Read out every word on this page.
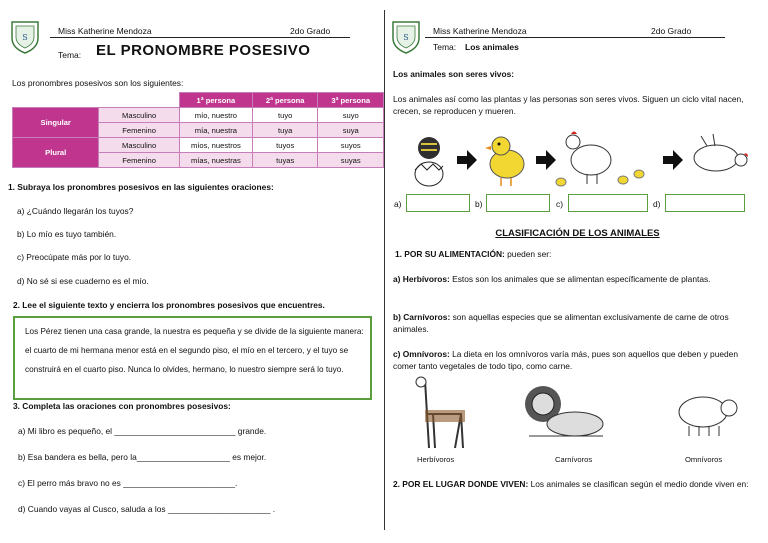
S
Miss Katherine Mendoza	2do Grado
Tema: EL PRONOMBRE POSESIVO
Los pronombres posesivos son los siguientes:
		1ª persona	2ª persona	3ª persona
Singular	Masculino	mío, nuestro	tuyo	suyo
	Femenino	mía, nuestra	tuya	suya
Plural	Masculino	míos, nuestros	tuyos	suyos
	Femenino	mías, nuestras	tuyas	suyas
1. Subraya los pronombres posesivos en las siguientes oraciones:
a) ¿Cuándo llegarán los tuyos?
b) Lo mío es tuyo también.
c) Preocúpate más por lo tuyo.
d) No sé si ese cuaderno es el mío.
2. Lee el siguiente texto y encierra los pronombres posesivos que encuentres.
Los Pérez tienen una casa grande, la nuestra es pequeña y se divide de la siguiente manera: el cuarto de mi hermana menor está en el segundo piso, el mío en el tercero, y el tuyo se construirá en el cuarto piso. Nunca lo olvides, hermano, lo nuestro siempre será lo tuyo.
3. Completa las oraciones con pronombres posesivos:
a) Mi libro es pequeño, el __________________________ grande.
b) Esa bandera es bella, pero la____________________ es mejor.
c) El perro más bravo no es ________________________.
d) Cuando vayas al Cusco, saluda a los ______________________ .
S
Miss Katherine Mendoza	2do Grado
Tema: Los animales
Los animales son seres vivos:
Los animales así como las plantas y las personas son seres vivos. Siguen un ciclo vital nacen, crecen, se reproducen y mueren.
a)	b)	c)	d)
CLASIFICACIÓN DE LOS ANIMALES
1. POR SU ALIMENTACIÓN: pueden ser:
a) Herbívoros: Estos son los animales que se alimentan específicamente de plantas.
b) Carnívoros: son aquellas especies que se alimentan exclusivamente de carne de otros animales.
c) Omnívoros: La dieta en los omnívoros varía más, pues son aquellos que deben y pueden comer tanto vegetales de todo tipo, como carne.
Herbívoros	Carnívoros	Omnívoros
2. POR EL LUGAR DONDE VIVEN: Los animales se clasifican según el medio donde viven en:
